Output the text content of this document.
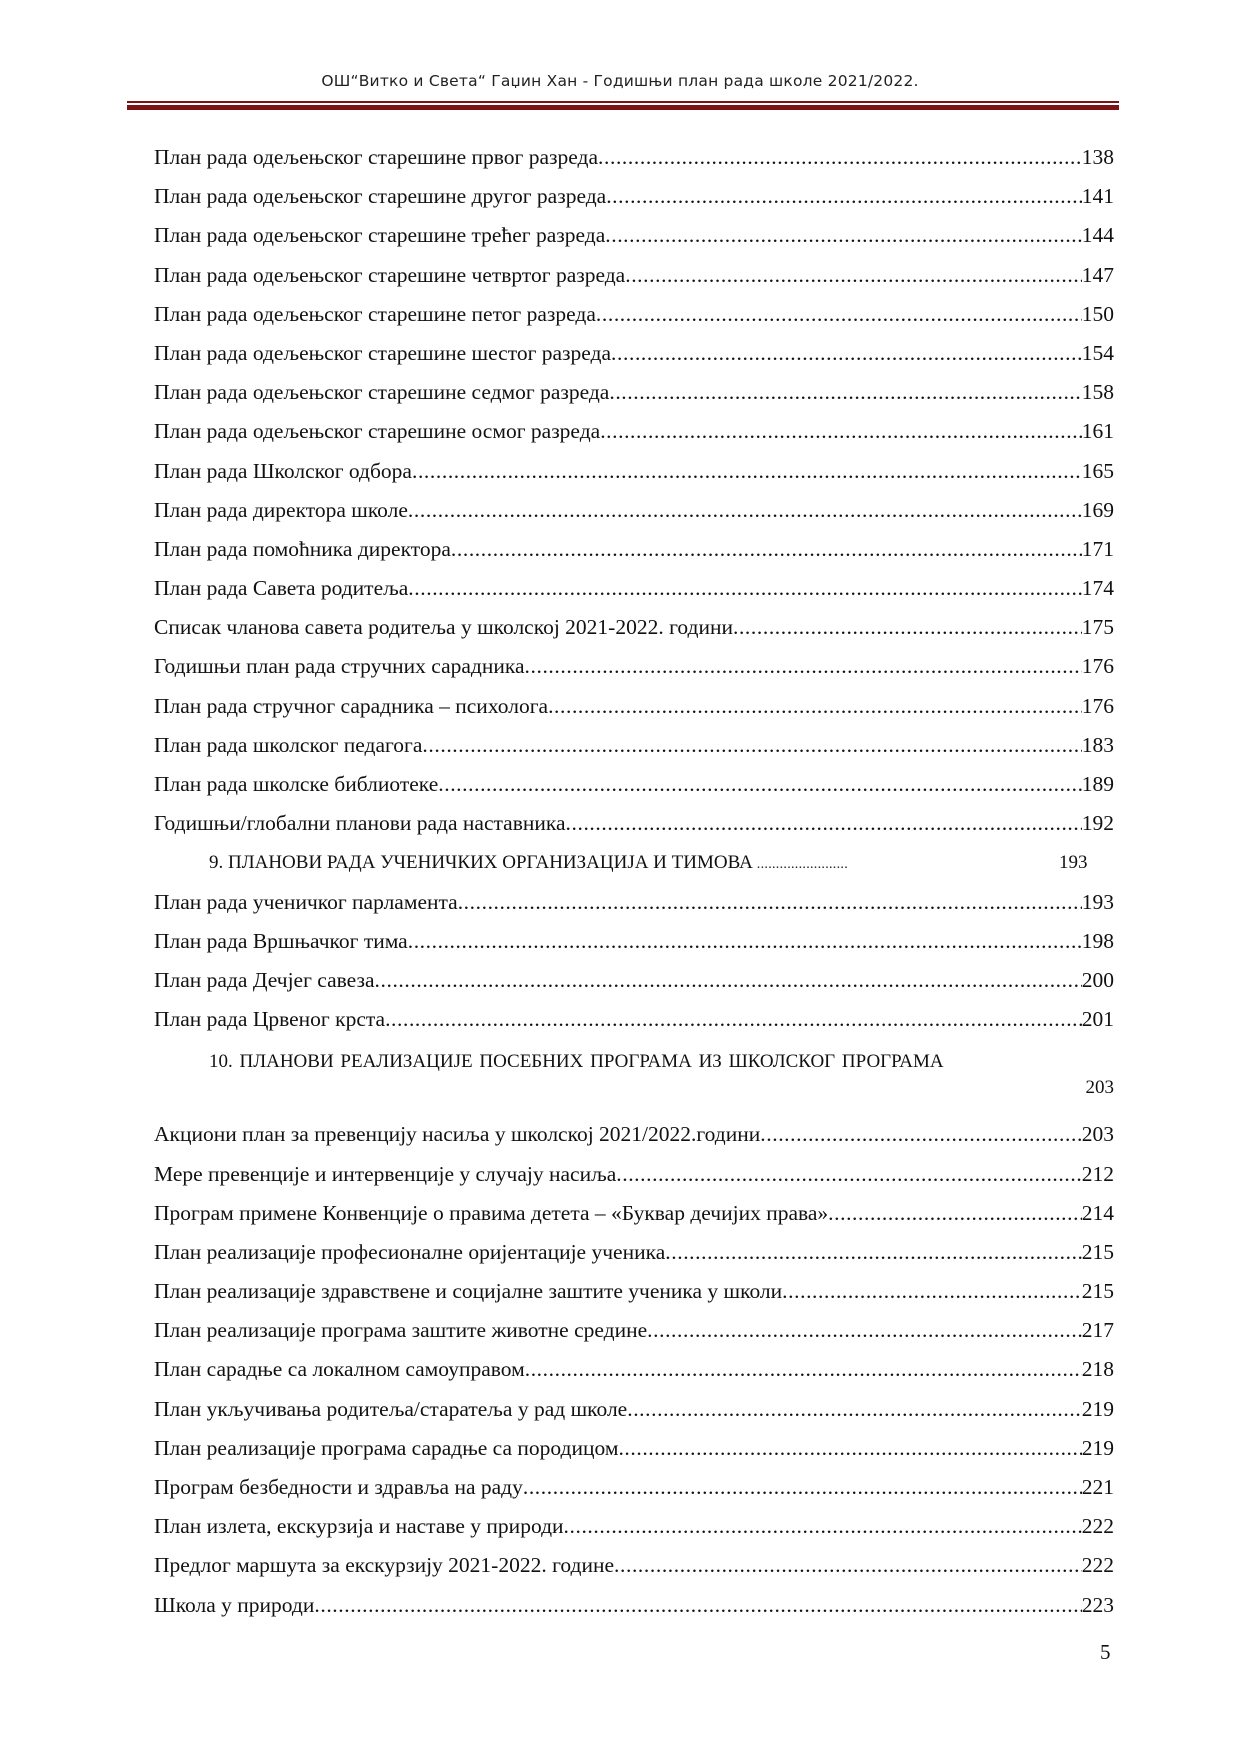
ОШ“Витко и Света“ Гаџин Хан - Годишњи план рада школе 2021/2022.
План рада одељењског старешине првог разреда .....	138
План рада одељењског старешине другог разреда .....	141
План рада одељењског старешине трећег разреда .....	144
План рада одељењског старешине четвртог разреда .....	147
План рада одељењског старешине петог разреда .....	150
План рада одељењског старешине шестог разреда .....	154
План рада одељењског старешине седмог разреда .....	158
План рада одељењског старешине осмог разреда .....	161
План рада Школског одбора .....	165
План рада директора школе .....	169
План рада помоћника директора .....	171
План рада Савета родитеља .....	174
Списак чланова савета родитеља у школској 2021-2022. години .....	175
Годишњи план рада стручних сарадника .....	176
План рада стручног сарадника – психолога .....	176
План рада школског педагога .....	183
План рада школске библиотеке .....	189
Годишњи/глобални планови рада наставника .....	192
9. ПЛАНОВИ РАДА УЧЕНИЧКИХ ОРГАНИЗАЦИЈА И ТИМОВА ........................	193
План рада ученичког парламента .....	193
План рада Вршњачког тима .....	198
План рада Дечјег савеза .....	200
План рада Црвеног крста .....	201
10. ПЛАНОВИ РЕАЛИЗАЦИЈЕ ПОСЕБНИХ ПРОГРАМА ИЗ ШКОЛСКОГ ПРОГРАМА
203
Акциони план за превенцију насиља у школској 2021/2022.години .....	203
Мере превенције и интервенције у случају насиља .....	212
Програм примене Конвенције о правима детета – «Буквар дечијих права» .....	214
План реализације професионалне оријентације ученика .....	215
План реализације здравствене и социјалне заштите ученика у школи .....	215
План реализације програма заштите животне средине .....	217
План сарадње са локалном самоуправом .....	218
План укључивања родитеља/старатеља у рад школе .....	219
План реализације програма сарадње са породицом .....	219
Програм безбедности и здравља на раду .....	221
План излета, екскурзија и наставе у природи .....	222
Предлог маршута за екскурзију 2021-2022. године .....	222
Школа у природи .....	223
5
